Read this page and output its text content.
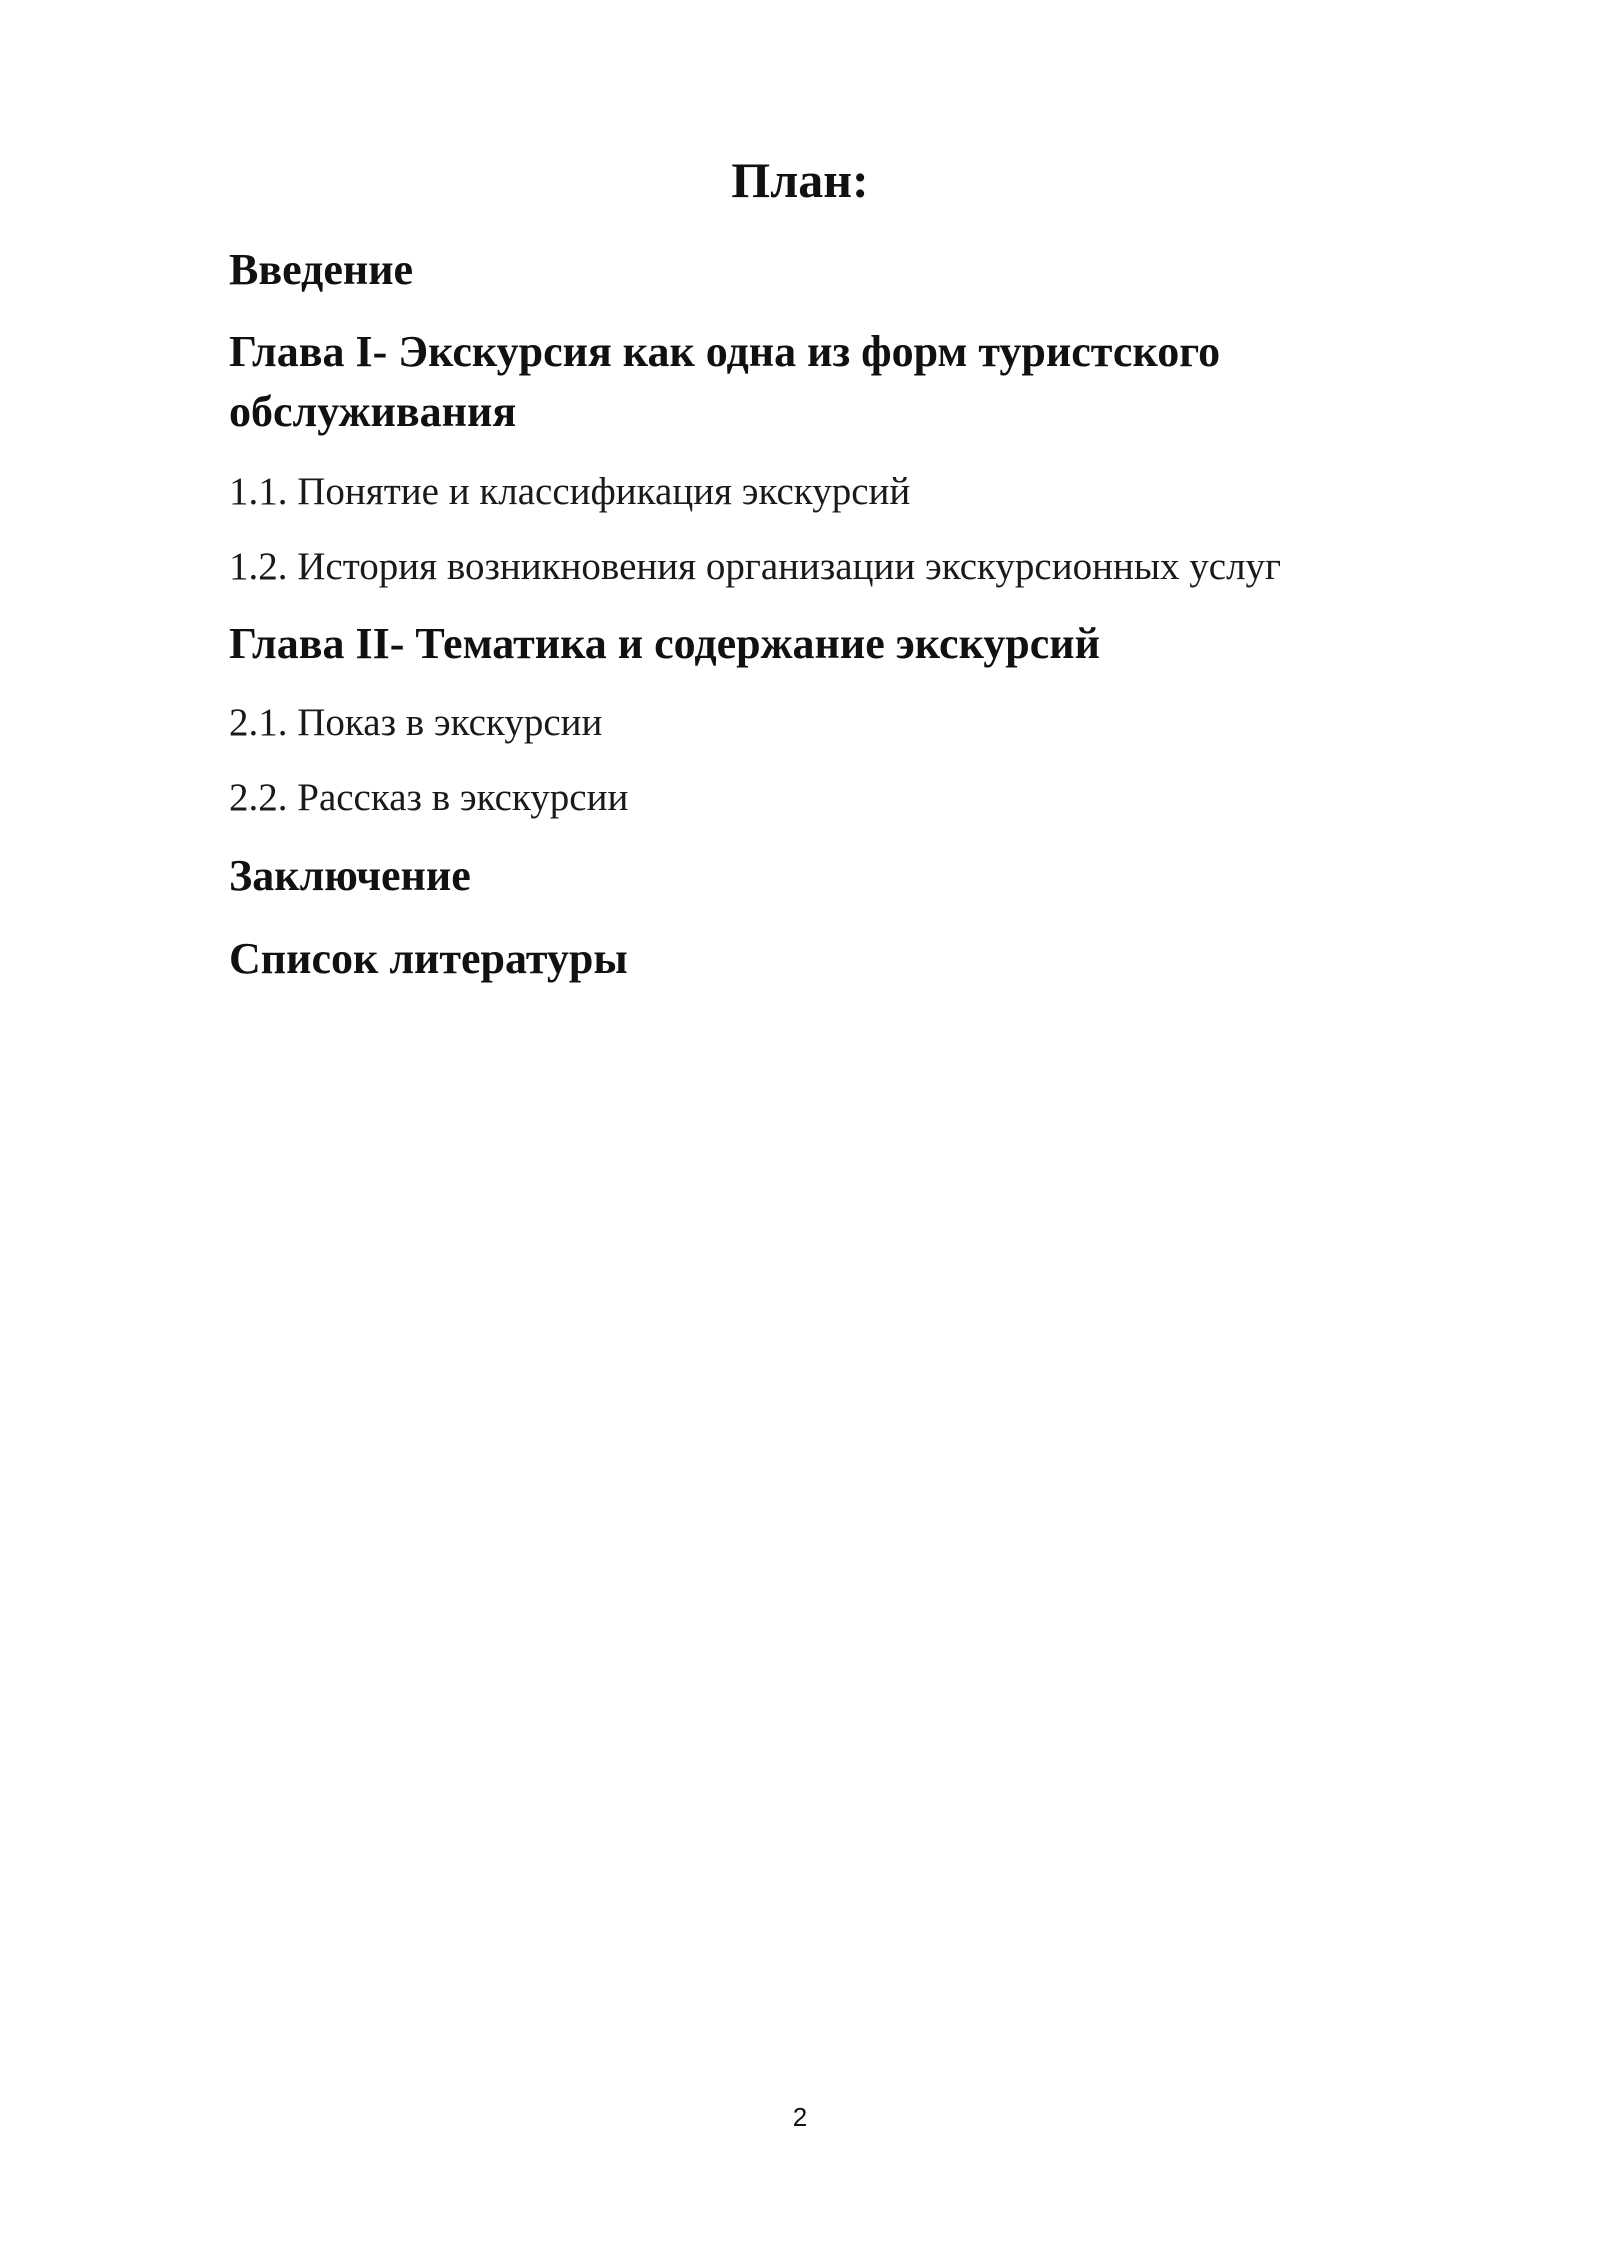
План:

Введение

Глава I- Экскурсия как одна из форм туристского

обслуживания

1.1. Понятие и классификация экскурсий

1.2. История возникновения организации экскурсионных услуг

Глава II- Тематика и содержание экскурсий

2.1. Показ в экскурсии

2.2. Рассказ в экскурсии

Заключение

Список литературы

2
